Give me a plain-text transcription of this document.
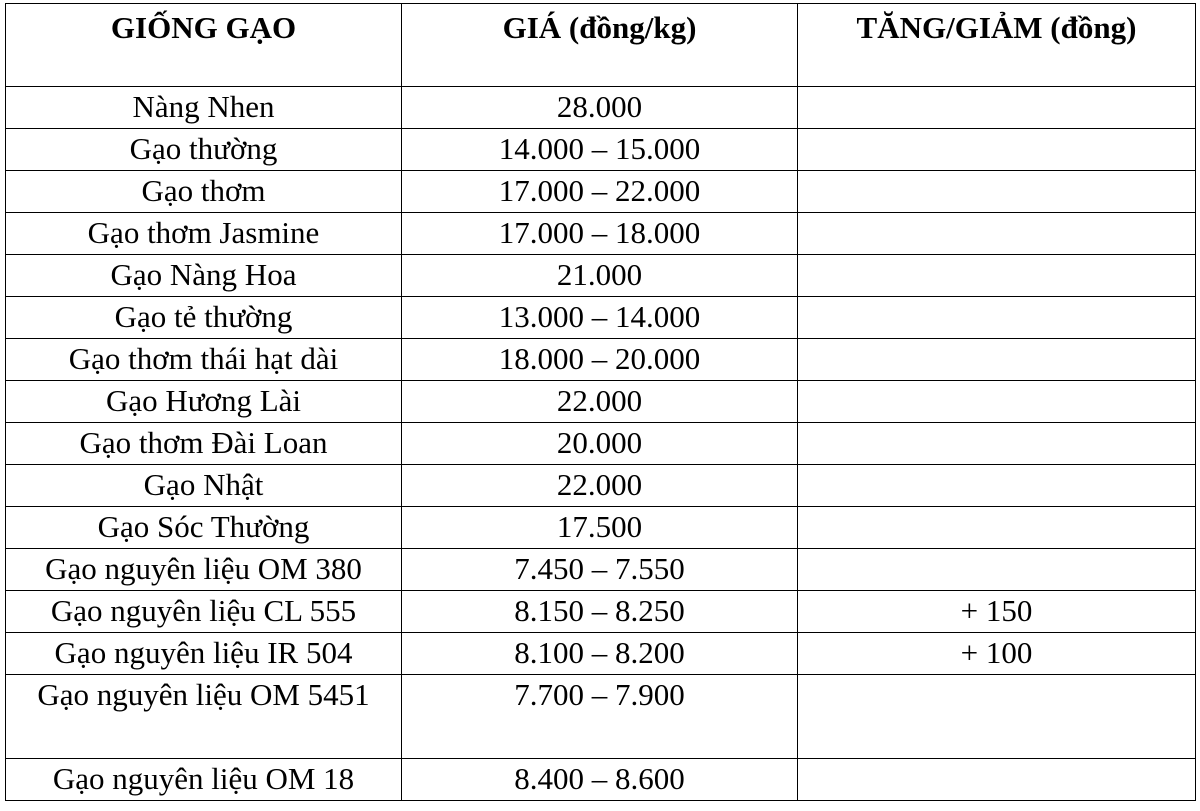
GIỐNG GẠO	GIÁ (đồng/kg)	TĂNG/GIẢM (đồng)
Nàng Nhen	28.000	
Gạo thường	14.000 – 15.000	
Gạo thơm	17.000 – 22.000	
Gạo thơm Jasmine	17.000 – 18.000	
Gạo Nàng Hoa	21.000	
Gạo tẻ thường	13.000 – 14.000	
Gạo thơm thái hạt dài	18.000 – 20.000	
Gạo Hương Lài	22.000	
Gạo thơm Đài Loan	20.000	
Gạo Nhật	22.000	
Gạo Sóc Thường	17.500	
Gạo nguyên liệu OM 380	7.450 – 7.550	
Gạo nguyên liệu CL 555	8.150 – 8.250	+ 150
Gạo nguyên liệu IR 504	8.100 – 8.200	+ 100
Gạo nguyên liệu OM 5451	7.700 – 7.900	
Gạo nguyên liệu OM 18	8.400 – 8.600	
